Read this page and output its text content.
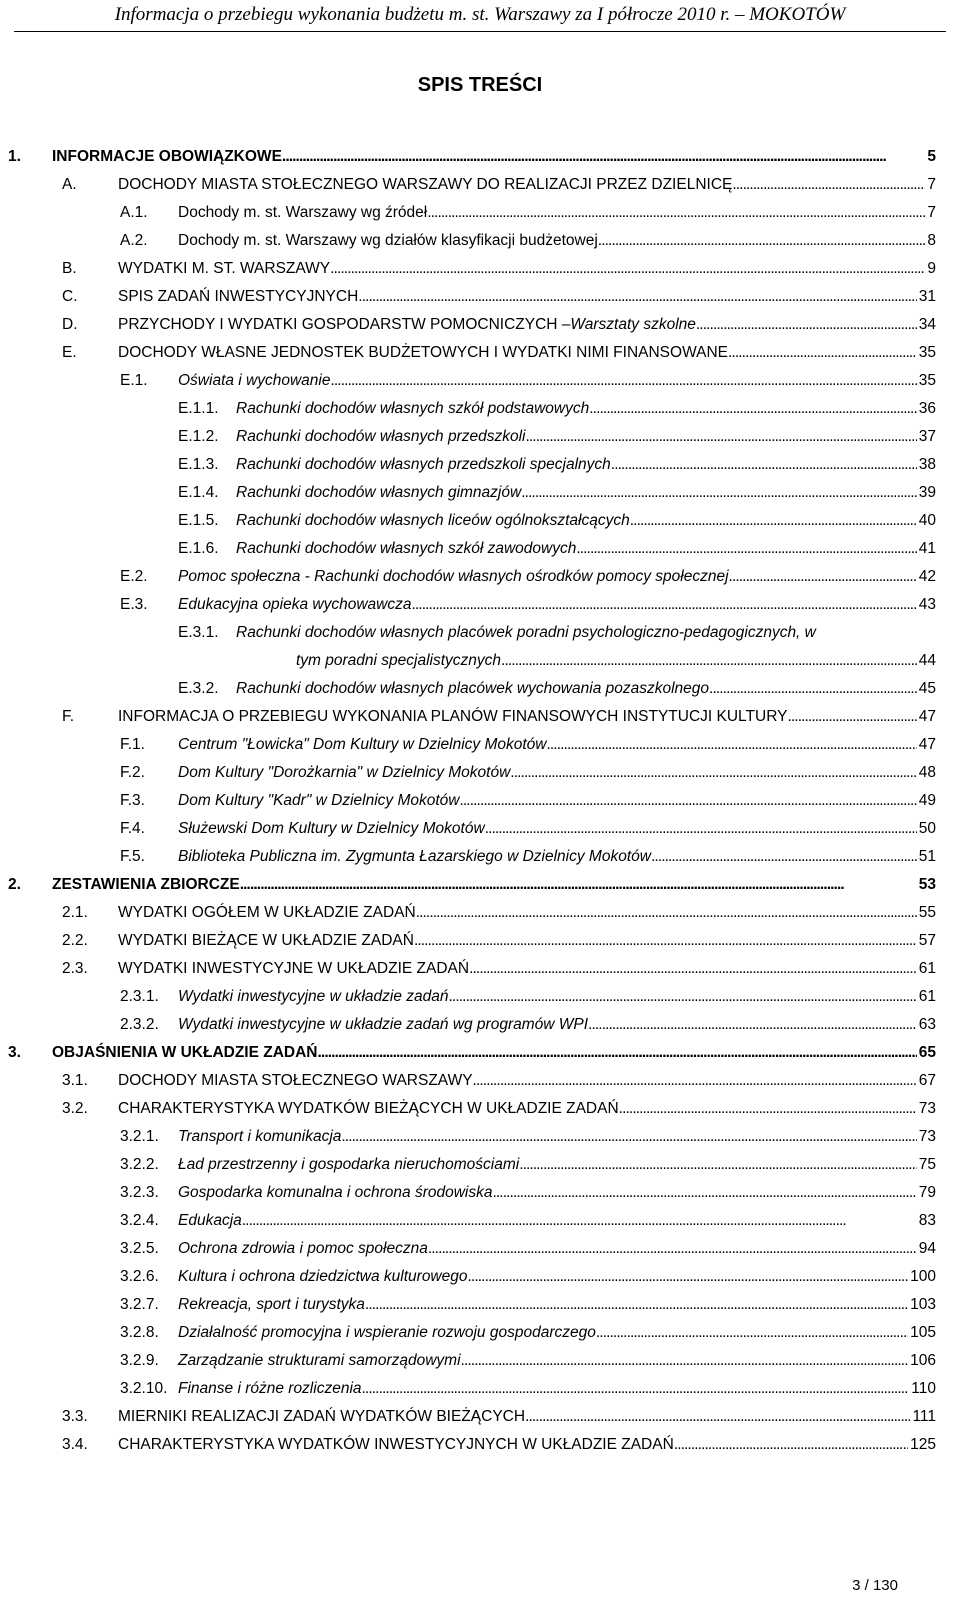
Informacja o przebiegu wykonania budżetu m. st. Warszawy za I półrocze 2010 r. – MOKOTÓW
SPIS TREŚCI
1. INFORMACJE OBOWIĄZKOWE . . .	5
A.	DOCHODY MIASTA STOŁECZNEGO WARSZAWY DO REALIZACJI PRZEZ DZIELNICĘ . . .	7
A.1. Dochody m. st. Warszawy wg źródeł . . .	7
A.2. Dochody m. st. Warszawy wg działów klasyfikacji budżetowej . . .	8
B.	WYDATKI M. ST. WARSZAWY . . .	9
C.	SPIS ZADAŃ INWESTYCYJNYCH . . .	31
D.	PRZYCHODY I WYDATKI GOSPODARSTW POMOCNICZYCH – Warsztaty szkolne . . .	34
E.	DOCHODY WŁASNE JEDNOSTEK BUDŻETOWYCH I WYDATKI NIMI FINANSOWANE . . .	35
E.1. Oświata i wychowanie . . .	35
E.1.1. Rachunki dochodów własnych szkół podstawowych . . .	36
E.1.2. Rachunki dochodów własnych przedszkoli . . .	37
E.1.3. Rachunki dochodów własnych przedszkoli specjalnych . . .	38
E.1.4. Rachunki dochodów własnych gimnazjów . . .	39
E.1.5. Rachunki dochodów własnych liceów ogólnokształcących . . .	40
E.1.6. Rachunki dochodów własnych szkół zawodowych . . .	41
E.2. Pomoc społeczna - Rachunki dochodów własnych ośrodków pomocy społecznej . . .	42
E.3. Edukacyjna opieka wychowawcza . . .	43
E.3.1. Rachunki dochodów własnych placówek poradni psychologiczno-pedagogicznych, w
tym poradni specjalistycznych . . .	44
E.3.2. Rachunki dochodów własnych placówek wychowania pozaszkolnego . . .	45
F.	INFORMACJA O PRZEBIEGU WYKONANIA PLANÓW FINANSOWYCH INSTYTUCJI KULTURY . . .	47
F.1. Centrum "Łowicka" Dom Kultury w Dzielnicy Mokotów . . .	47
F.2. Dom Kultury "Dorożkarnia" w Dzielnicy Mokotów . . .	48
F.3. Dom Kultury "Kadr" w Dzielnicy Mokotów . . .	49
F.4. Służewski Dom Kultury w Dzielnicy Mokotów . . .	50
F.5. Biblioteka Publiczna im. Zygmunta Łazarskiego w Dzielnicy Mokotów . . .	51
2. ZESTAWIENIA ZBIORCZE . . .	53
2.1. WYDATKI OGÓŁEM W UKŁADZIE ZADAŃ . . .	55
2.2. WYDATKI BIEŻĄCE W UKŁADZIE ZADAŃ . . .	57
2.3. WYDATKI INWESTYCYJNE W UKŁADZIE ZADAŃ . . .	61
2.3.1. Wydatki inwestycyjne w układzie zadań . . .	61
2.3.2. Wydatki inwestycyjne w układzie zadań wg programów WPI . . .	63
3. OBJAŚNIENIA W UKŁADZIE ZADAŃ . . .	65
3.1. DOCHODY MIASTA STOŁECZNEGO WARSZAWY . . .	67
3.2. CHARAKTERYSTYKA WYDATKÓW BIEŻĄCYCH W UKŁADZIE ZADAŃ . . .	73
3.2.1. Transport i komunikacja . . .	73
3.2.2. Ład przestrzenny i gospodarka nieruchomościami . . .	75
3.2.3. Gospodarka komunalna i ochrona środowiska . . .	79
3.2.4. Edukacja . . .	83
3.2.5. Ochrona zdrowia i pomoc społeczna . . .	94
3.2.6. Kultura i ochrona dziedzictwa kulturowego . . .	100
3.2.7. Rekreacja, sport i turystyka . . .	103
3.2.8. Działalność promocyjna i wspieranie rozwoju gospodarczego . . .	105
3.2.9. Zarządzanie strukturami samorządowymi . . .	106
3.2.10. Finanse i różne rozliczenia . . .	110
3.3. MIERNIKI REALIZACJI ZADAŃ WYDATKÓW BIEŻĄCYCH . . .	111
3.4. CHARAKTERYSTYKA WYDATKÓW INWESTYCYJNYCH W UKŁADZIE ZADAŃ . . .	125
3 / 130
